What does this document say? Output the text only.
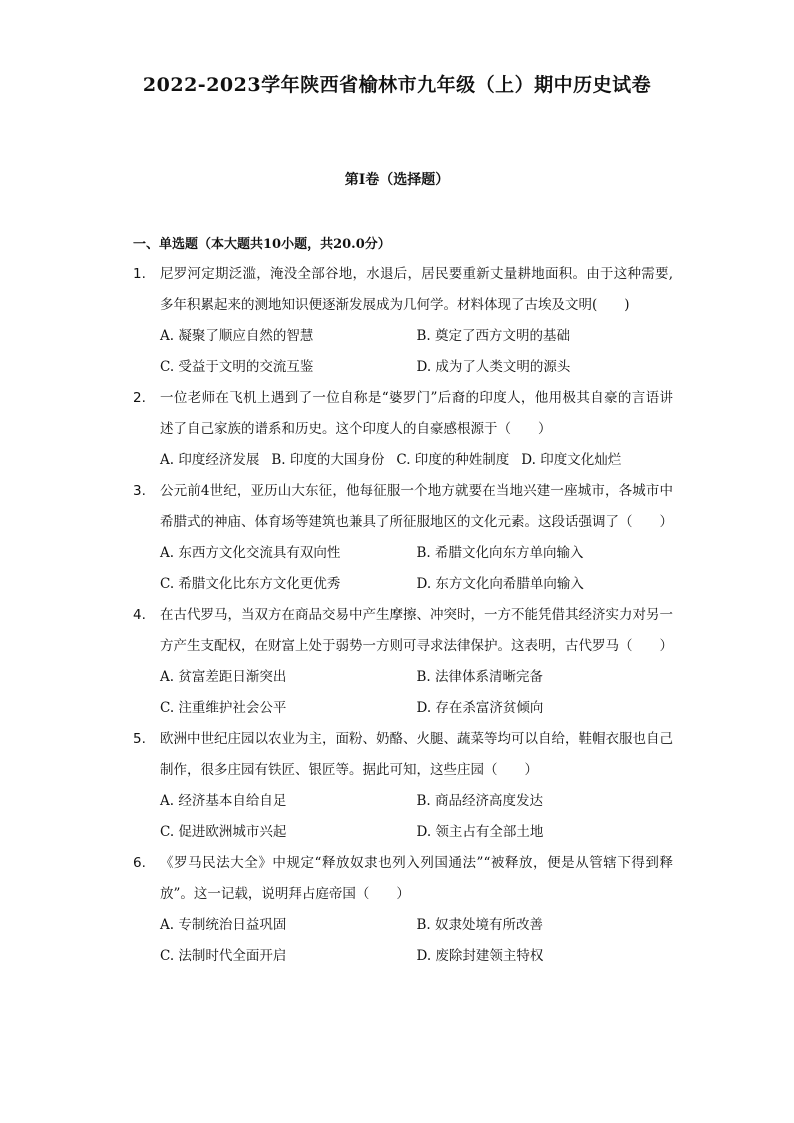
2022-2023学年陕西省榆林市九年级（上）期中历史试卷
第I卷（选择题）
一、单选题（本大题共10小题，共20.0分）
1. 尼罗河定期泛滥，淹没全部谷地，水退后，居民要重新丈量耕地面积。由于这种需要,多年积累起来的测地知识便逐渐发展成为几何学。材料体现了古埃及文明(　　)
A. 凝聚了顺应自然的智慧	B. 奠定了西方文明的基础
C. 受益于文明的交流互鉴	D. 成为了人类文明的源头
2. 一位老师在飞机上遇到了一位自称是“婆罗门”后裔的印度人，他用极其自豪的言语讲述了自己家族的谱系和历史。这个印度人的自豪感根源于（　　）
A. 印度经济发展 B. 印度的大国身份 C. 印度的种姓制度 D. 印度文化灿烂
3. 公元前4世纪，亚历山大东征，他每征服一个地方就要在当地兴建一座城市，各城市中希腊式的神庙、体育场等建筑也兼具了所征服地区的文化元素。这段话强调了（　　）
A. 东西方文化交流具有双向性	B. 希腊文化向东方单向输入
C. 希腊文化比东方文化更优秀	D. 东方文化向希腊单向输入
4. 在古代罗马，当双方在商品交易中产生摩擦、冲突时，一方不能凭借其经济实力对另一方产生支配权，在财富上处于弱势一方则可寻求法律保护。这表明，古代罗马（　　）
A. 贫富差距日渐突出	B. 法律体系清晰完备
C. 注重维护社会公平	D. 存在杀富济贫倾向
5. 欧洲中世纪庄园以农业为主，面粉、奶酪、火腿、蔬菜等均可以自给，鞋帽衣服也自己制作，很多庄园有铁匠、银匠等。据此可知，这些庄园（　　）
A. 经济基本自给自足	B. 商品经济高度发达
C. 促进欧洲城市兴起	D. 领主占有全部土地
6. 《罗马民法大全》中规定“释放奴隶也列入列国通法”“被释放，便是从管辖下得到释放”。这一记载，说明拜占庭帝国（　　）
A. 专制统治日益巩固	B. 奴隶处境有所改善
C. 法制时代全面开启	D. 废除封建领主特权
